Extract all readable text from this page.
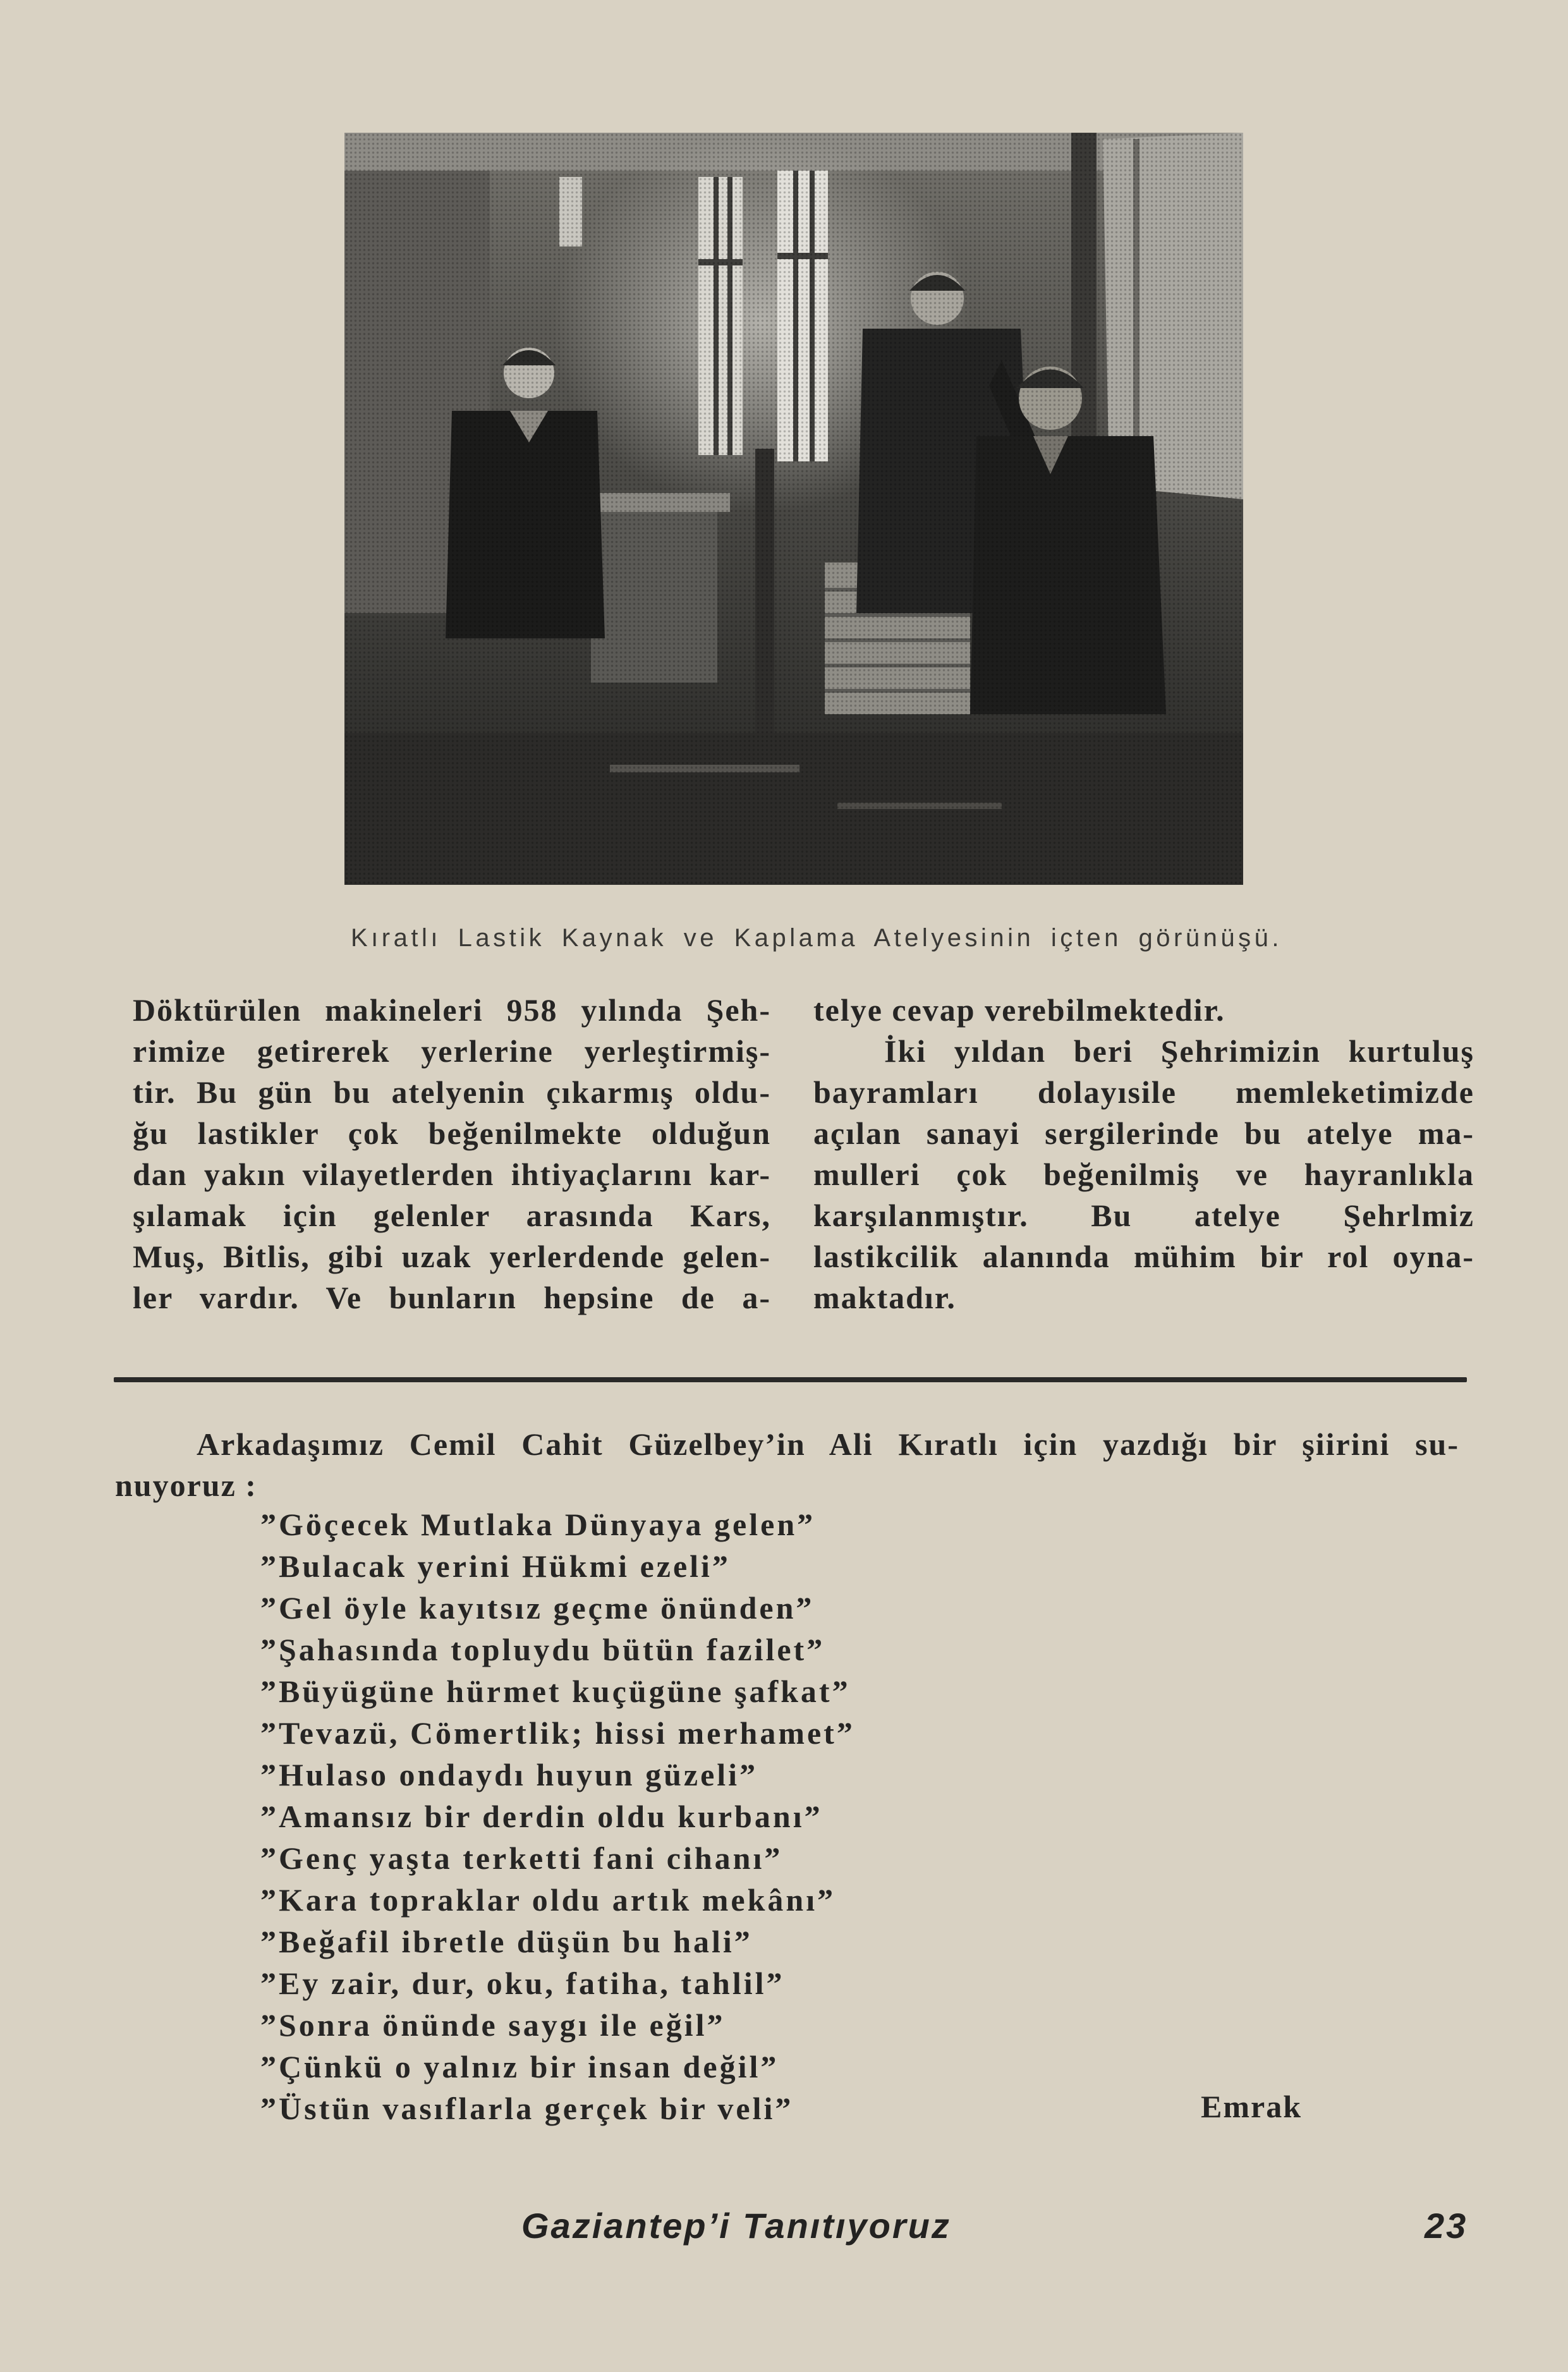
Kıratlı Lastik Kaynak ve Kaplama Atelyesinin içten görünüşü.
Döktürülen makineleri 958 yılında Şeh-
rimize getirerek yerlerine yerleştirmiş-
tir. Bu gün bu atelyenin çıkarmış oldu-
ğu lastikler çok beğenilmekte olduğun
dan yakın vilayetlerden ihtiyaçlarını kar-
şılamak için gelenler arasında Kars,
Muş, Bitlis, gibi uzak yerlerdende gelen-
ler vardır. Ve bunların hepsine de a-
telye cevap verebilmektedir.
İki yıldan beri Şehrimizin kurtuluş
bayramları dolayısile memleketimizde
açılan sanayi sergilerinde bu atelye ma-
mulleri çok beğenilmiş ve hayranlıkla
karşılanmıştır. Bu atelye Şehrlmiz
lastikcilik alanında mühim bir rol oyna-
maktadır.
Arkadaşımız Cemil Cahit Güzelbey’in Ali Kıratlı için yazdığı bir şiirini su-
nuyoruz :
”Göçecek Mutlaka Dünyaya gelen”
”Bulacak yerini Hükmi ezeli”
”Gel öyle kayıtsız geçme önünden”
”Şahasında topluydu bütün fazilet”
”Büyügüne hürmet kuçügüne şafkat”
”Tevazü, Cömertlik; hissi merhamet”
”Hulaso ondaydı huyun güzeli”
”Amansız bir derdin oldu kurbanı”
”Genç yaşta terketti fani cihanı”
”Kara topraklar oldu artık mekânı”
”Beğafil ibretle düşün bu hali”
”Ey zair, dur, oku, fatiha, tahlil”
”Sonra önünde saygı ile eğil”
”Çünkü o yalnız bir insan değil”
”Üstün vasıflarla gerçek bir veli”	Emrak
Gaziantep’i Tanıtıyoruz	23
